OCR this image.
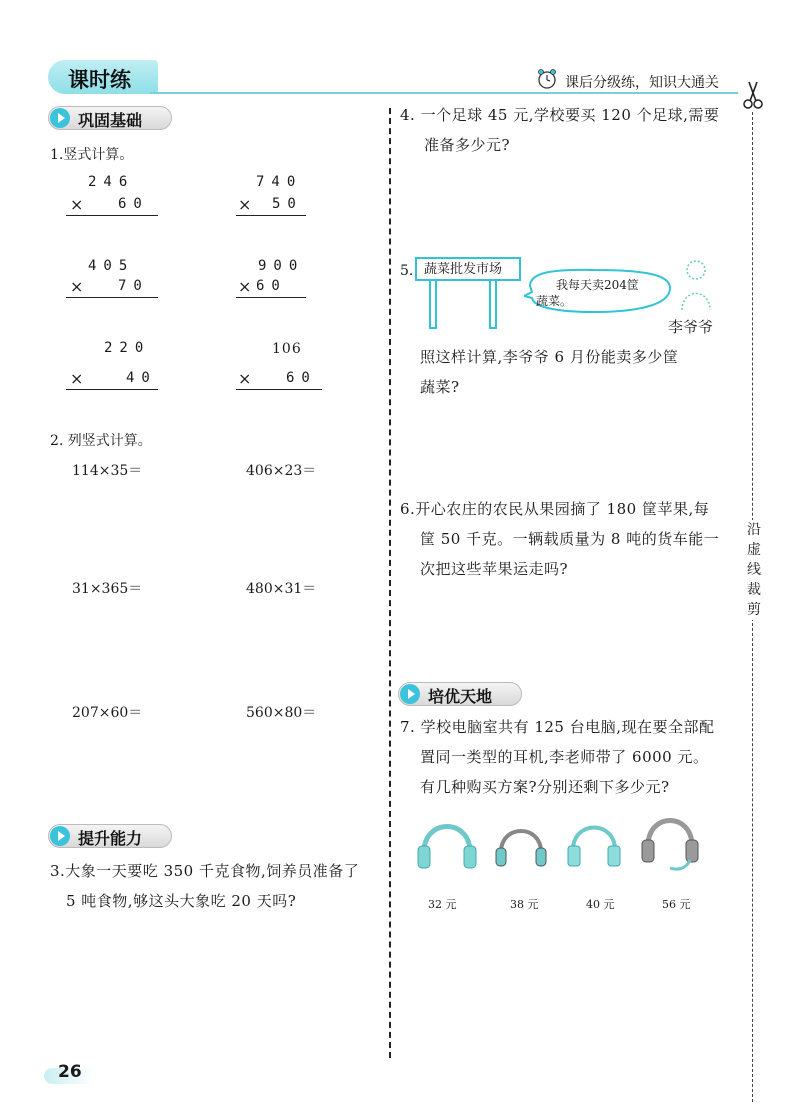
课时练	课后分级练，知识大通关
沿
虚
线
裁
剪
巩固基础
1.竖式计算。
246
× 60
740
× 50
405
× 70
900
× 60
220
×	40
106
× 60
2. 列竖式计算。
114×35＝	406×23＝
31×365＝	480×31＝
207×60＝	560×80＝
提升能力
3.大象一天要吃 350 千克食物,饲养员准备了
5 吨食物,够这头大象吃 20 天吗?
4. 一个足球 45 元,学校要买 120 个足球,需要
准备多少元?
5. 蔬菜批发市场
我每天卖204筐
蔬菜。
李爷爷
照这样计算,李爷爷 6 月份能卖多少筐
蔬菜?
6.开心农庄的农民从果园摘了 180 筐苹果,每
筐 50 千克。一辆载质量为 8 吨的货车能一
次把这些苹果运走吗?
培优天地
7. 学校电脑室共有 125 台电脑,现在要全部配
置同一类型的耳机,李老师带了 6000 元。
有几种购买方案?分别还剩下多少元?
32 元	38 元	40 元	56 元
26
